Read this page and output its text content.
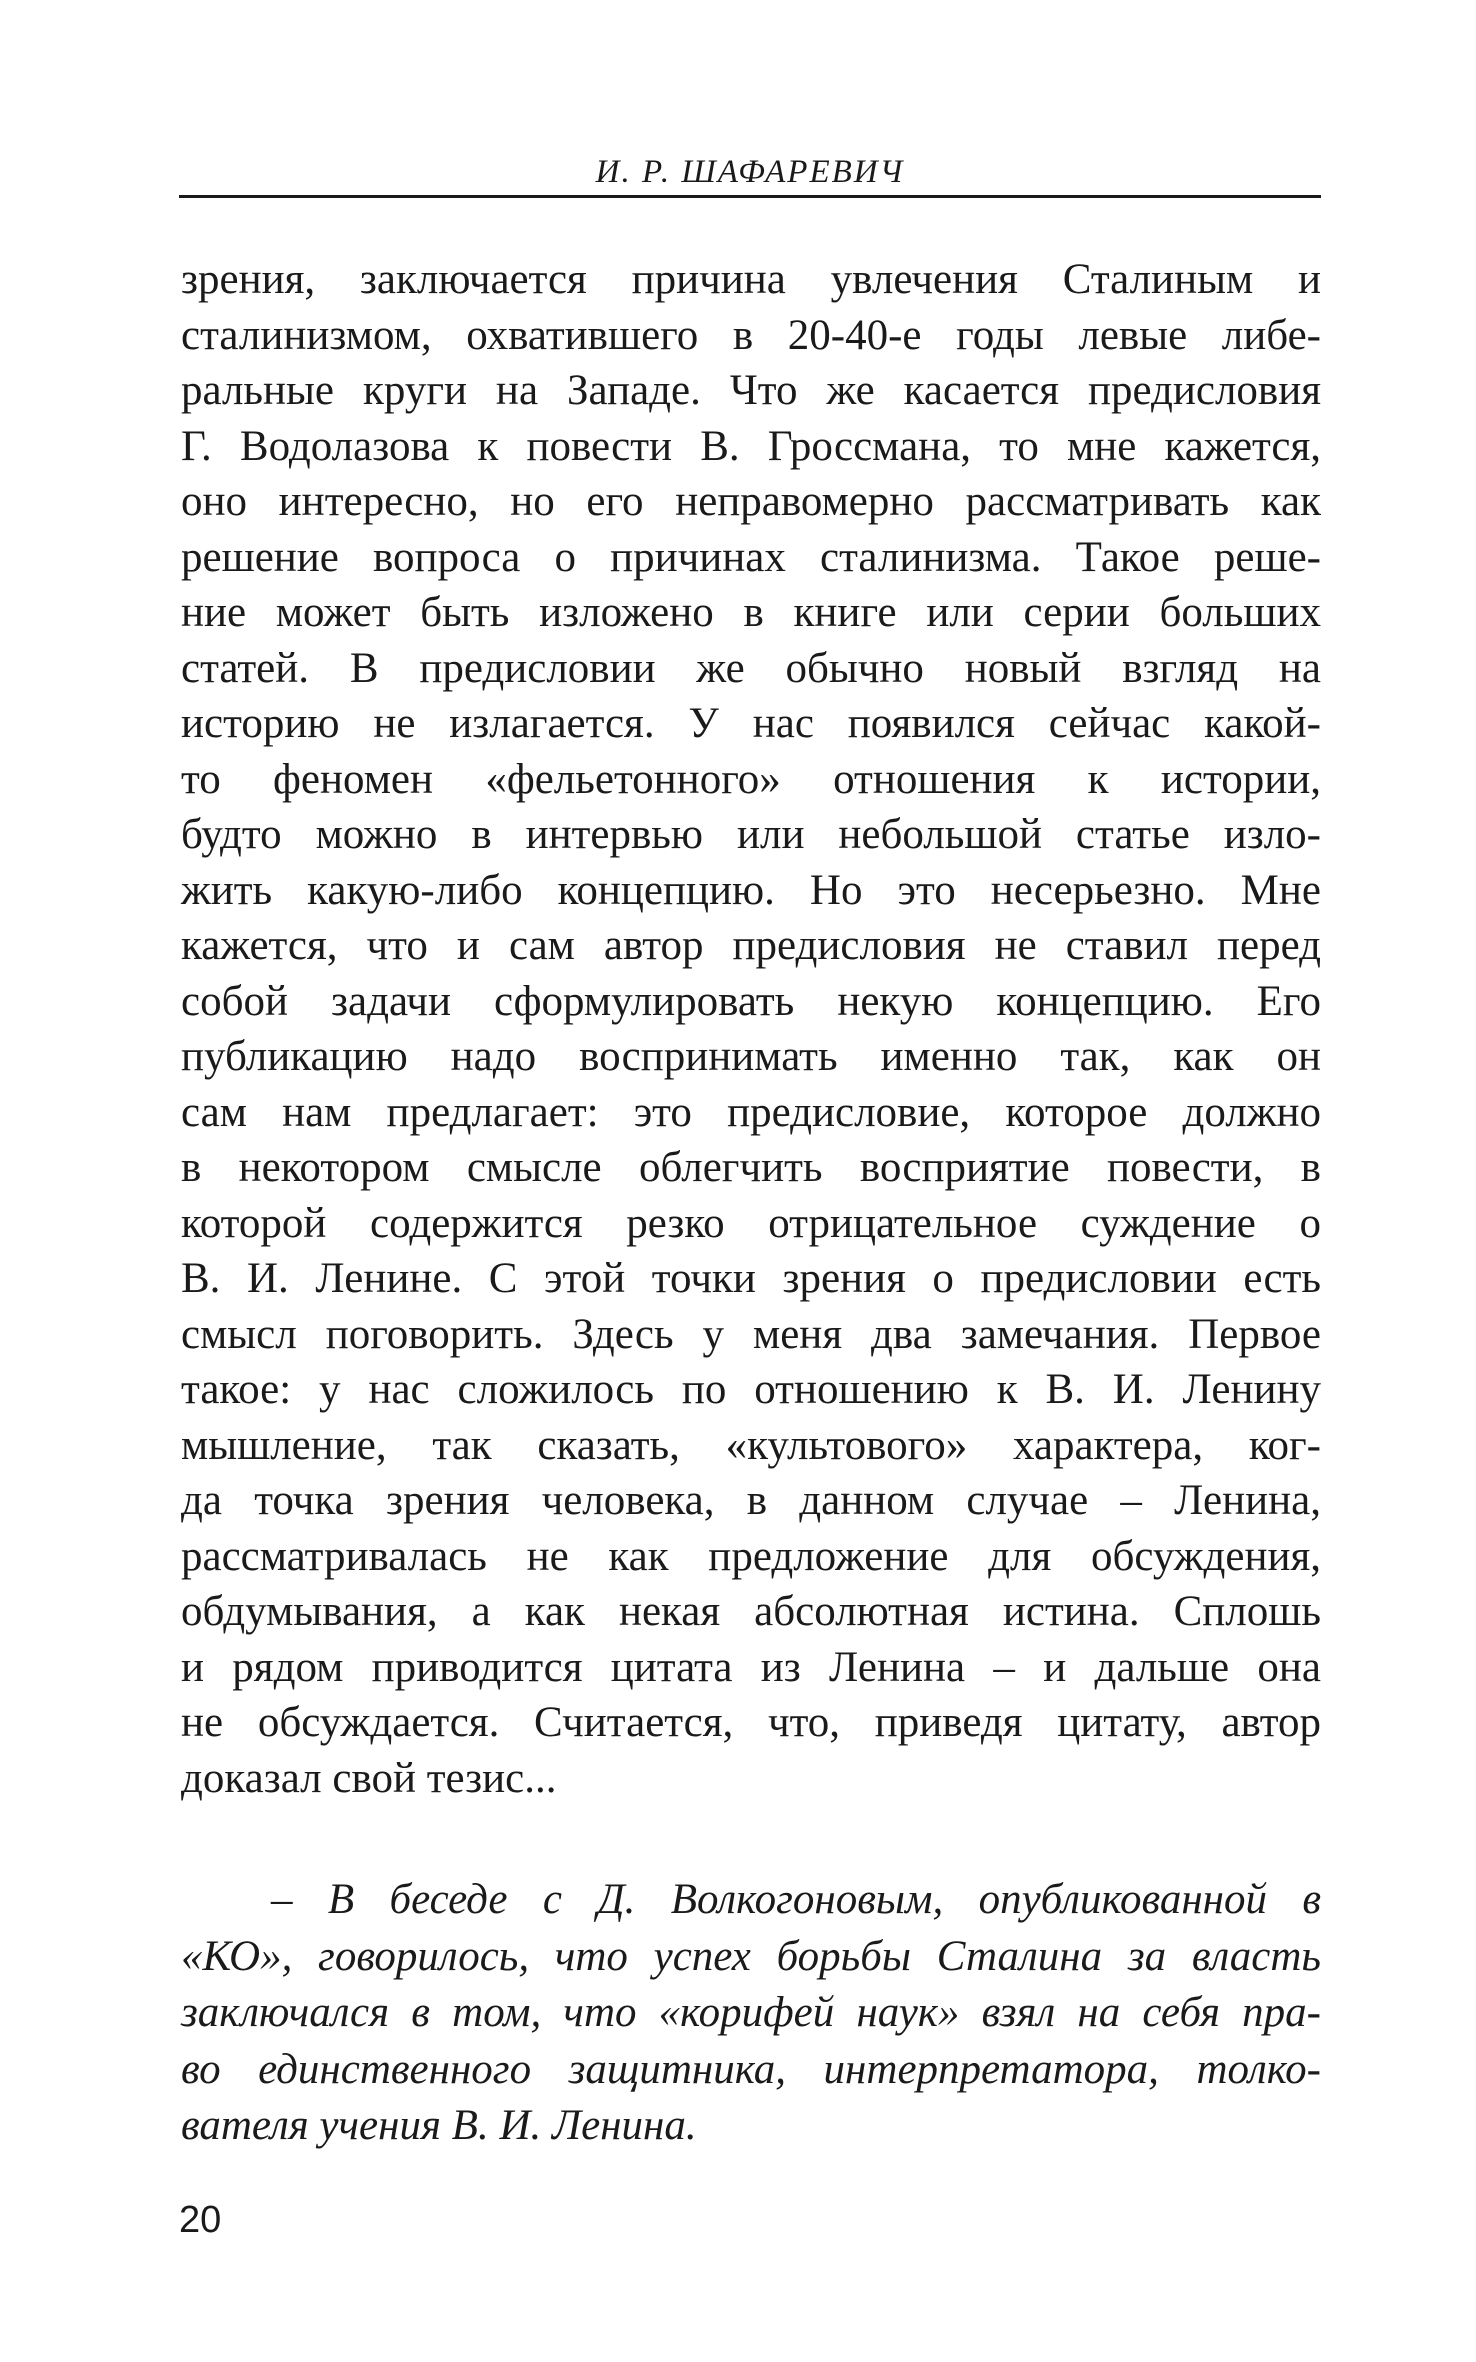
И. Р. ШАФАРЕВИЧ
зрения, заключается причина увлечения Сталиным и
сталинизмом, охватившего в 20-40-е годы левые либе-
ральные круги на Западе. Что же касается предисловия
Г. Водолазова к повести В. Гроссмана, то мне кажется,
оно интересно, но его неправомерно рассматривать как
решение вопроса о причинах сталинизма. Такое реше-
ние может быть изложено в книге или серии больших
статей. В предисловии же обычно новый взгляд на
историю не излагается. У нас появился сейчас какой-
то феномен «фельетонного» отношения к истории,
будто можно в интервью или небольшой статье изло-
жить какую-либо концепцию. Но это несерьезно. Мне
кажется, что и сам автор предисловия не ставил перед
собой задачи сформулировать некую концепцию. Его
публикацию надо воспринимать именно так, как он
сам нам предлагает: это предисловие, которое должно
в некотором смысле облегчить восприятие повести, в
которой содержится резко отрицательное суждение о
В. И. Ленине. С этой точки зрения о предисловии есть
смысл поговорить. Здесь у меня два замечания. Первое
такое: у нас сложилось по отношению к В. И. Ленину
мышление, так сказать, «культового» характера, ког-
да точка зрения человека, в данном случае – Ленина,
рассматривалась не как предложение для обсуждения,
обдумывания, а как некая абсолютная истина. Сплошь
и рядом приводится цитата из Ленина – и дальше она
не обсуждается. Считается, что, приведя цитату, автор
доказал свой тезис...
– В беседе с Д. Волкогоновым, опубликованной в
«КО», говорилось, что успех борьбы Сталина за власть
заключался в том, что «корифей наук» взял на себя пра-
во единственного защитника, интерпретатора, толко-
вателя учения В. И. Ленина.
20
